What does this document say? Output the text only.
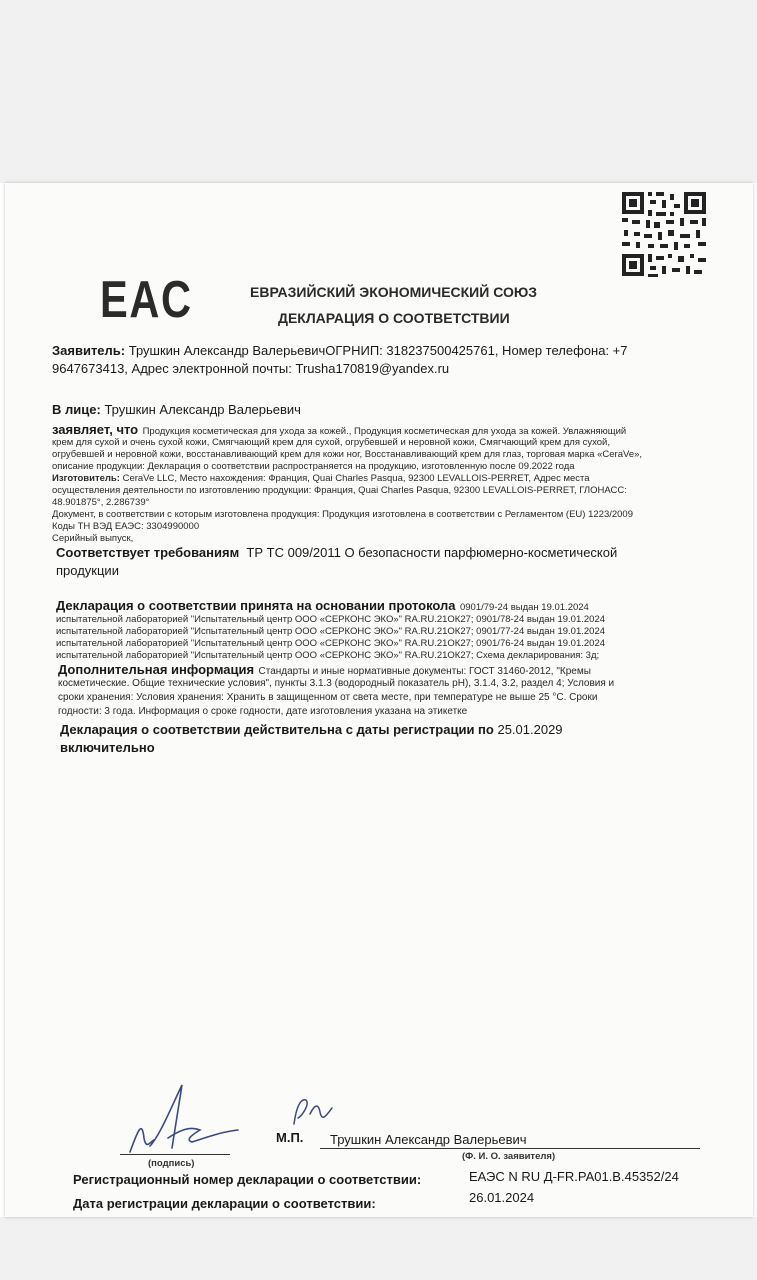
EAC	ЕВРАЗИЙСКИЙ ЭКОНОМИЧЕСКИЙ СОЮЗ
ДЕКЛАРАЦИЯ О СООТВЕТСТВИИ
Заявитель: Трушкин Александр ВалерьевичОГРНИП: 318237500425761, Номер телефона: +7
9647673413, Адрес электронной почты: Trusha170819@yandex.ru
В лице: Трушкин Александр Валерьевич
заявляет, что Продукция косметическая для ухода за кожей., Продукция косметическая для ухода за кожей. Увлажняющий
крем для сухой и очень сухой кожи, Смягчающий крем для сухой, огрубевшей и неровной кожи, Смягчающий крем для сухой,
огрубевшей и неровной кожи, восстанавливающий крем для кожи ног, Восстанавливающий крем для глаз, торговая марка «CeraVe»,
описание продукции: Декларация о соответствии распространяется на продукцию, изготовленную после 09.2022 года
Изготовитель: CeraVe LLC, Место нахождения: Франция, Quai Charles Pasqua, 92300 LEVALLOIS-PERRET, Адрес места
осуществления деятельности по изготовлению продукции: Франция, Quai Charles Pasqua, 92300 LEVALLOIS-PERRET, ГЛОНАСС:
48.901875°, 2.286739°
Документ, в соответствии с которым изготовлена продукция: Продукция изготовлена в соответствии с Регламентом (EU) 1223/2009
Коды ТН ВЭД ЕАЭС: 3304990000
Серийный выпуск,
Соответствует требованиям ТР ТС 009/2011 О безопасности парфюмерно-косметической
продукции
Декларация о соответствии принята на основании протокола 0901/79-24 выдан 19.01.2024
испытательной лабораторией "Испытательный центр ООО «СЕРКОНС ЭКО»" RA.RU.21ОК27; 0901/78-24 выдан 19.01.2024
испытательной лабораторией "Испытательный центр ООО «СЕРКОНС ЭКО»" RA.RU.21ОК27; 0901/77-24 выдан 19.01.2024
испытательной лабораторией "Испытательный центр ООО «СЕРКОНС ЭКО»" RA.RU.21ОК27; 0901/76-24 выдан 19.01.2024
испытательной лабораторией "Испытательный центр ООО «СЕРКОНС ЭКО»" RA.RU.21ОК27; Схема декларирования: 3д;
Дополнительная информация Стандарты и иные нормативные документы: ГОСТ 31460-2012, "Кремы
косметические. Общие технические условия", пункты 3.1.3 (водородный показатель pH), 3.1.4, 3.2, раздел 4; Условия и
сроки хранения: Условия хранения: Хранить в защищенном от света месте, при температуре не выше 25 °С. Сроки
годности: 3 года. Информация о сроке годности, дате изготовления указана на этикетке
Декларация о соответствии действительна с даты регистрации по 25.01.2029
включительно
(подпись)
М.П. Трушкин Александр Валерьевич
(Ф. И. О. заявителя)
Регистрационный номер декларации о соответствии:	ЕАЭС N RU Д-FR.PA01.B.45352/24
Дата регистрации декларации о соответствии:	26.01.2024
